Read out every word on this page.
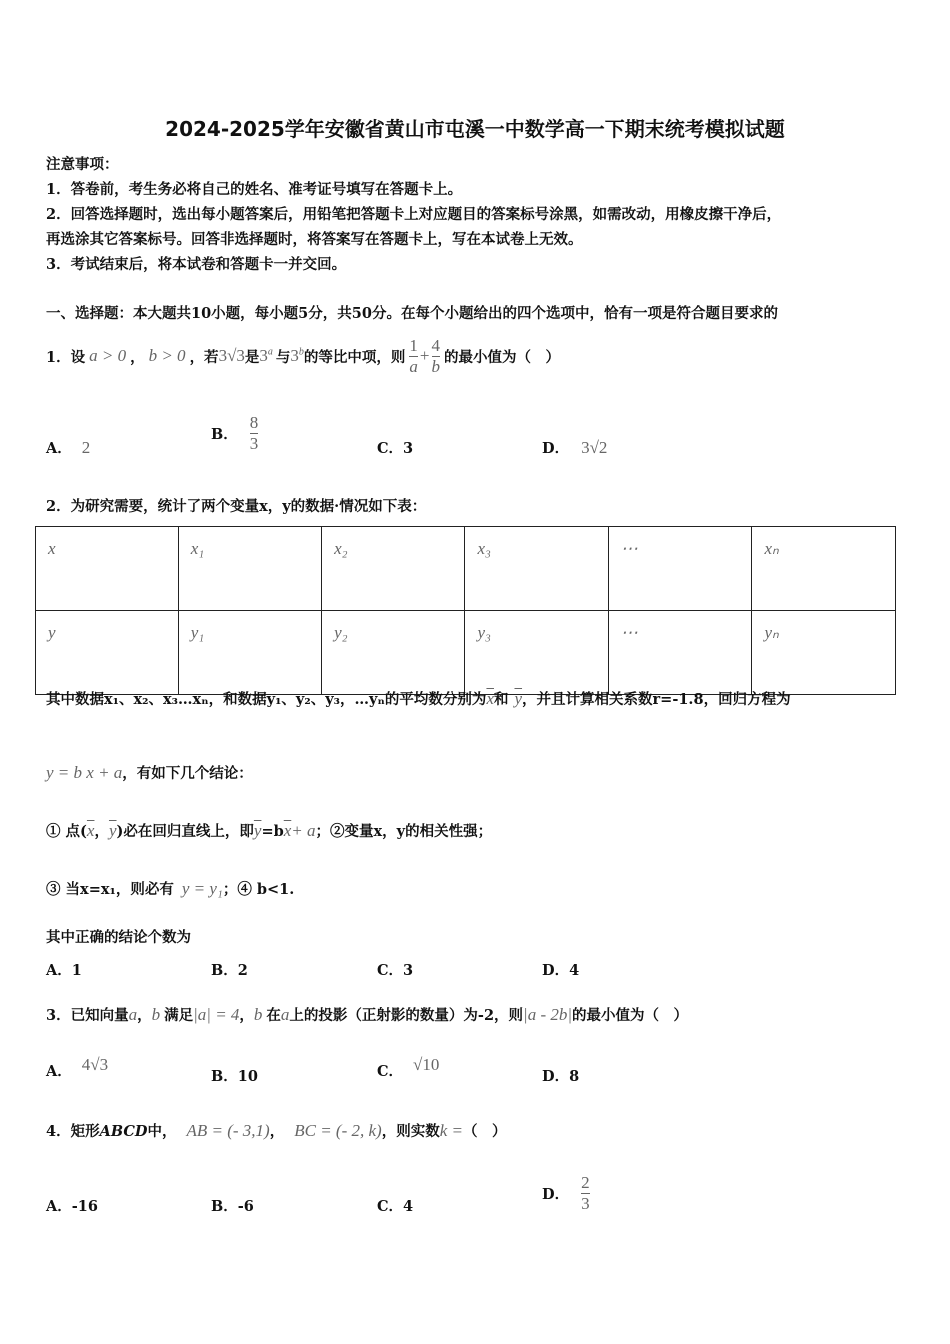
2024-2025学年安徽省黄山市屯溪一中数学高一下期末统考模拟试题
注意事项：
1．答卷前，考生务必将自己的姓名、准考证号填写在答题卡上。
2．回答选择题时，选出每小题答案后，用铅笔把答题卡上对应题目的答案标号涂黑，如需改动，用橡皮擦干净后，
再选涂其它答案标号。回答非选择题时，将答案写在答题卡上，写在本试卷上无效。
3．考试结束后，将本试卷和答题卡一并交回。
一、选择题：本大题共10小题，每小题5分，共50分。在每个小题给出的四个选项中，恰有一项是符合题目要求的
1．设 a > 0 ， b > 0 ，若 3√3 是 3$^a$ 与 3$^b$ 的等比中项，则 $\frac{1}{a} + \frac{4}{b}$ 的最小值为（　）
A． 2
B． $\frac{8}{3}$	C．3	D． 3√2
2．为研究需要，统计了两个变量x，y的数据·情况如下表：
x	x₁	x₂	x₃	⋯	xₙ
y	y₁	y₂	y₃	⋯	yₙ
其中数据x₁、x₂、x₃…xₙ，和数据y₁、y₂、y₃，…yₙ的平均数分别为$\overline{x}$和 $\overline{y}$，并且计算相关系数r=-1.8，回归方程为
y = b x + a，有如下几个结论：
① 点($\overline{x}$，$\overline{y}$)必在回归直线上，即$\overline{y}=b\overline{x}+ a$；②变量x，y的相关性强；
③ 当x=x₁，则必有 y = y₁；④ b<1.
其中正确的结论个数为
A．1	B．2	C．3	D．4
3．已知向量a，b 满足|a| = 4，b 在a上的投影（正射影的数量）为-2，则|a - 2b|的最小值为（　）
A． 4√3
B．10	C． √10
D．8
4．矩形ABCD中， AB = (- 3,1)， BC = (- 2, k)，则实数k =（　）
A．-16	B．-6	C．4
D． $\frac{2}{3}$
